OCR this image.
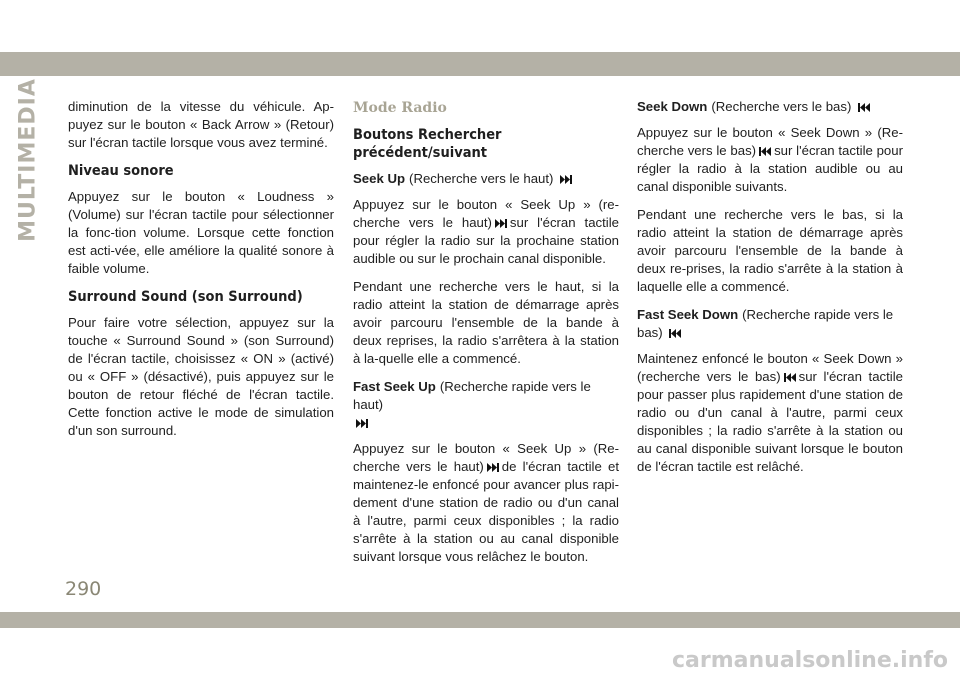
MULTIMEDIA diminution de la vitesse du véhicule. Ap-puyez sur le bouton « Back Arrow » (Retour) sur l'écran tactile lorsque vous avez terminé.

Niveau sonore

Appuyez sur le bouton « Loudness » (Volume) sur l'écran tactile pour sélectionner la fonc-tion volume. Lorsque cette fonction est acti-vée, elle améliore la qualité sonore à faible volume.

Surround Sound (son Surround)

Pour faire votre sélection, appuyez sur la touche « Surround Sound » (son Surround) de l'écran tactile, choisissez « ON » (activé) ou « OFF » (désactivé), puis appuyez sur le bouton de retour fléché de l'écran tactile. Cette fonction active le mode de simulation d'un son surround.

Mode Radio
Boutons Rechercher précédent/suivant
Seek Up (Recherche vers le haut)

Appuyez sur le bouton « Seek Up » (re-cherche vers le haut) sur l'écran tactile pour régler la radio sur la prochaine station audible ou sur le prochain canal disponible.

Pendant une recherche vers le haut, si la radio atteint la station de démarrage après avoir parcouru l'ensemble de la bande à deux reprises, la radio s'arrêtera à la station à la-quelle elle a commencé.

Fast Seek Up (Recherche rapide vers le haut)

Appuyez sur le bouton « Seek Up » (Re-cherche vers le haut) de l'écran tactile et maintenez-le enfoncé pour avancer plus rapi-dement d'une station de radio ou d'un canal à l'autre, parmi ceux disponibles ; la radio s'arrête à la station ou au canal disponible suivant lorsque vous relâchez le bouton.

Seek Down (Recherche vers le bas)

Appuyez sur le bouton « Seek Down » (Re-cherche vers le bas) sur l'écran tactile pour régler la radio à la station audible ou au canal disponible suivants.

Pendant une recherche vers le bas, si la radio atteint la station de démarrage après avoir parcouru l'ensemble de la bande à deux re-prises, la radio s'arrête à la station à laquelle elle a commencé.

Fast Seek Down (Recherche rapide vers le bas)

Maintenez enfoncé le bouton « Seek Down » (recherche vers le bas) sur l'écran tactile pour passer plus rapidement d'une station de radio ou d'un canal à l'autre, parmi ceux disponibles ; la radio s'arrête à la station ou au canal disponible suivant lorsque le bouton de l'écran tactile est relâché.

290
carmanualsonline.info
